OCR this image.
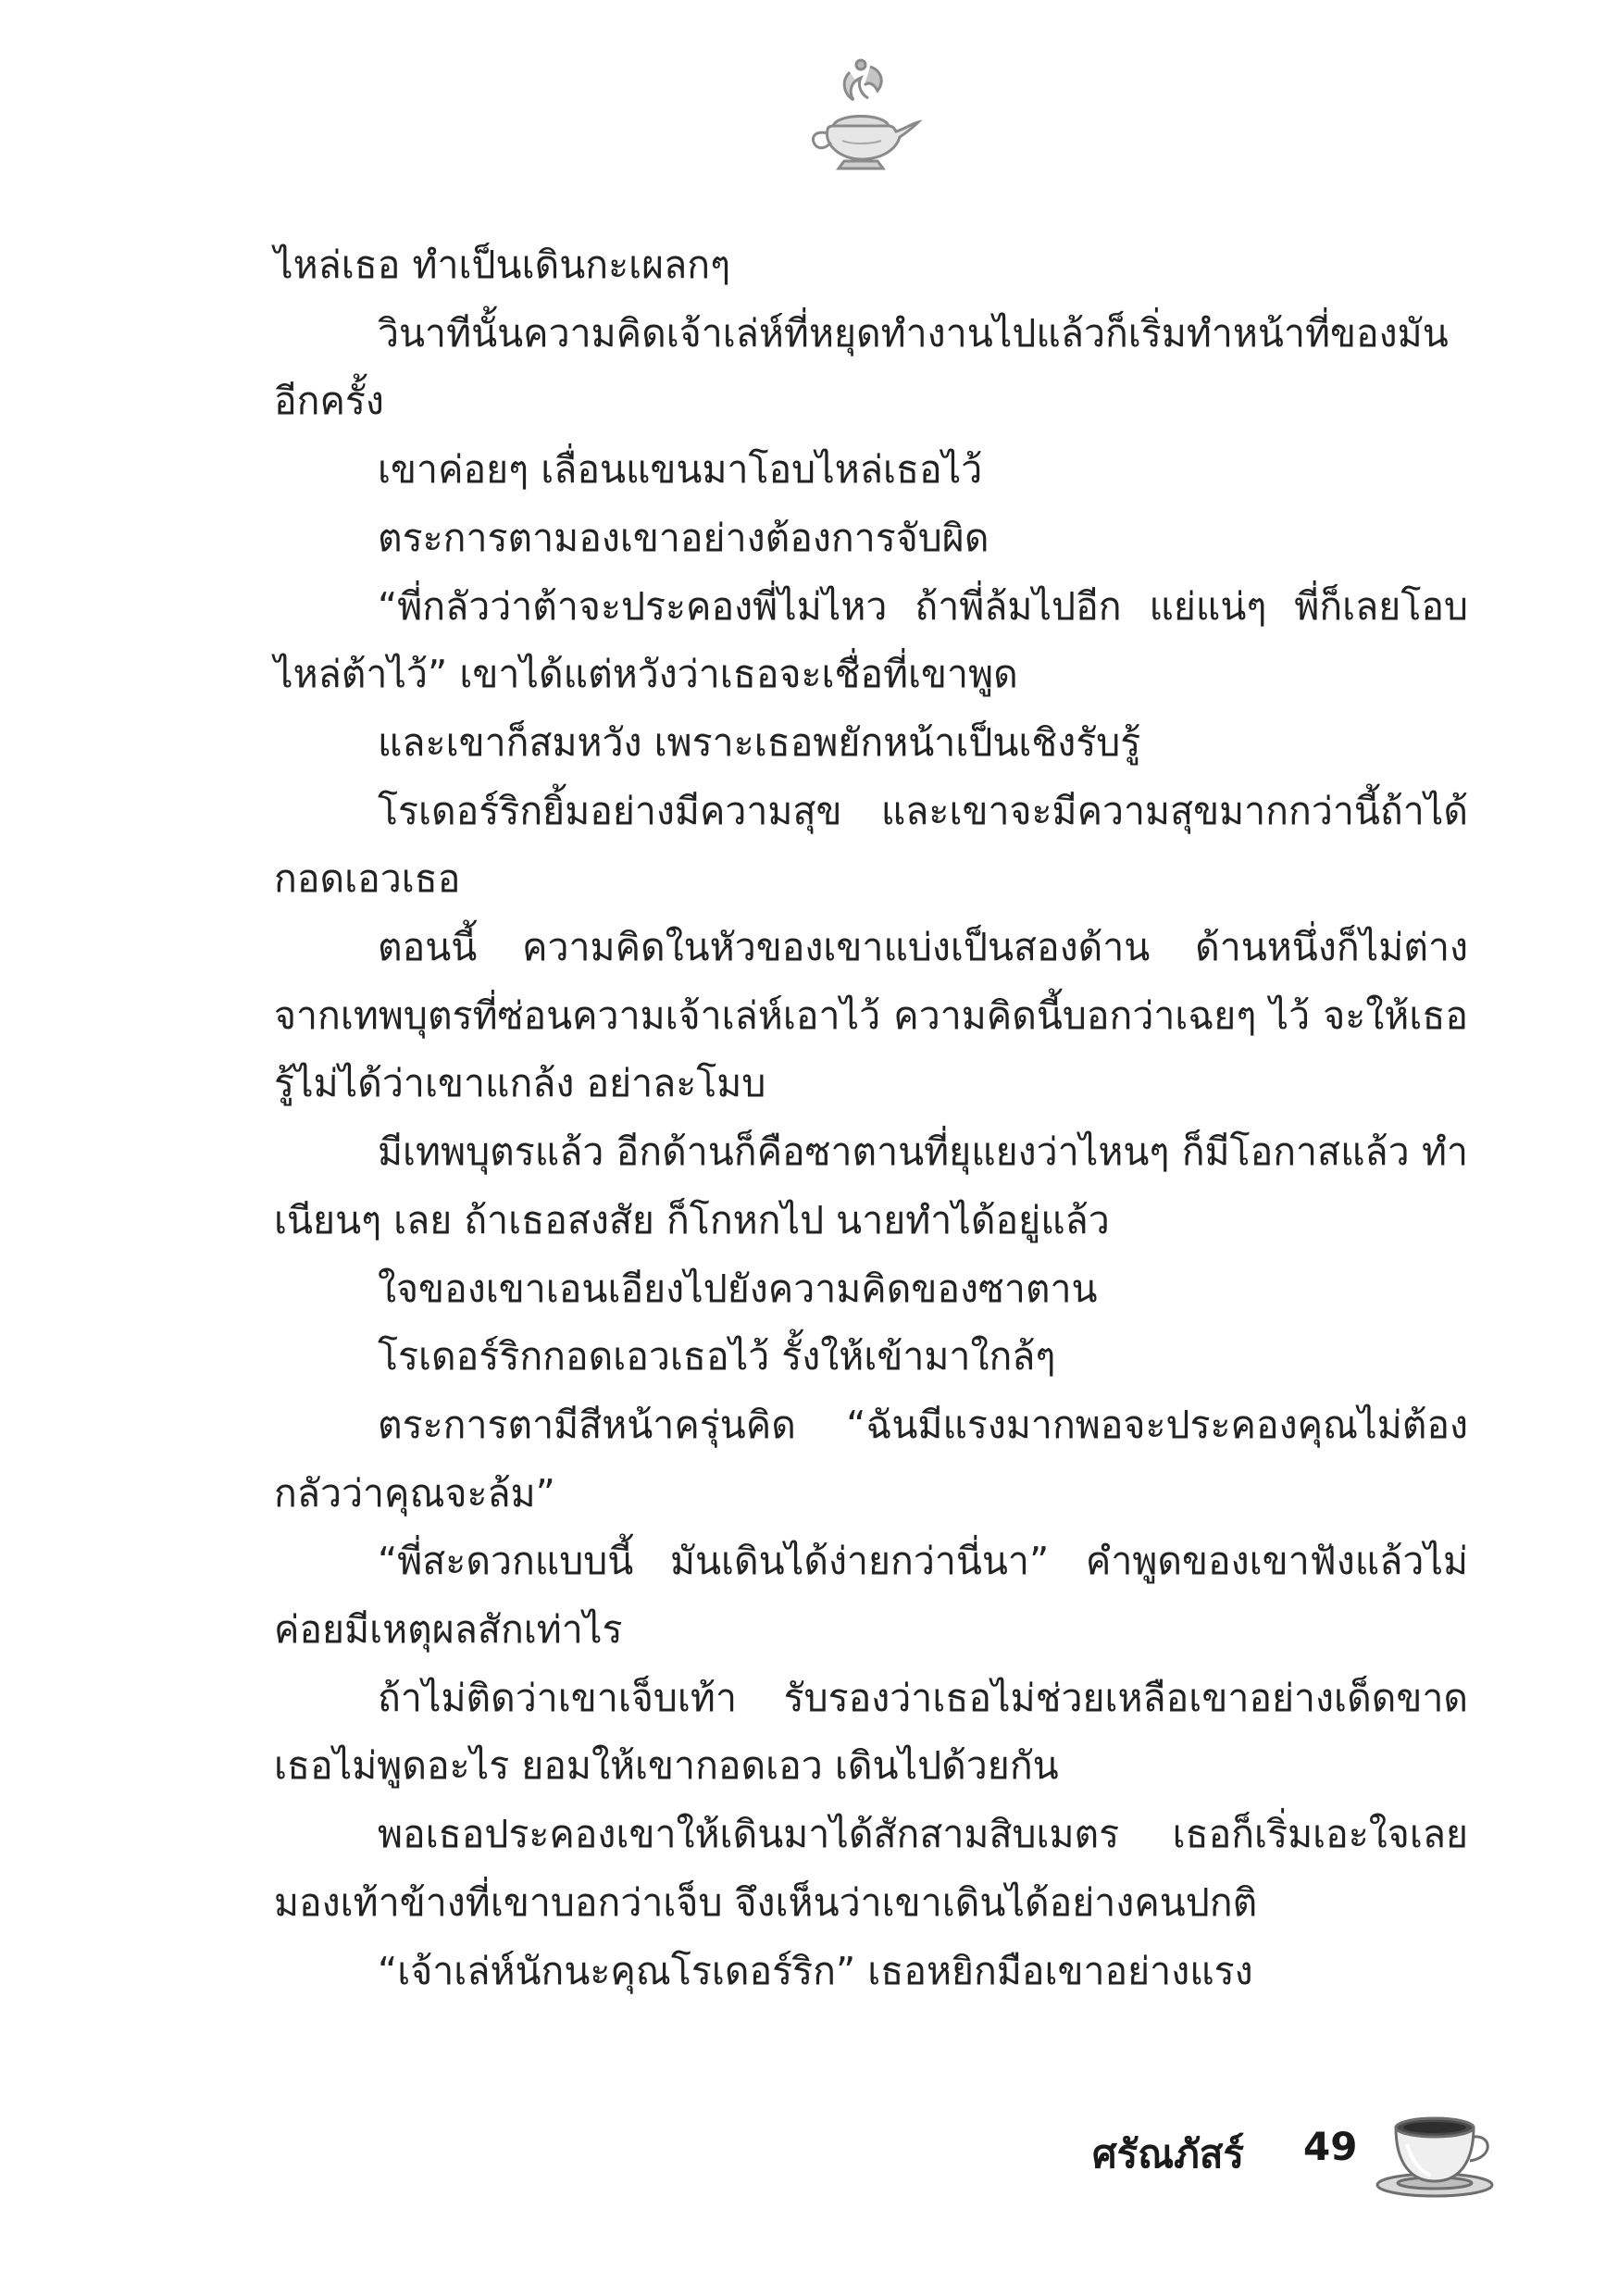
ไหล่เธอ ทำเป็นเดินกะเผลกๆ

วินาทีนั้นความคิดเจ้าเล่ห์ที่หยุดทำงานไปแล้วก็เริ่มทำหน้าที่ของมันอีกครั้ง

เขาค่อยๆ เลื่อนแขนมาโอบไหล่เธอไว้

ตระการตามองเขาอย่างต้องการจับผิด

“พี่กลัวว่าต้าจะประคองพี่ไม่ไหว ถ้าพี่ล้มไปอีก แย่แน่ๆ พี่ก็เลยโอบไหล่ต้าไว้” เขาได้แต่หวังว่าเธอจะเชื่อที่เขาพูด

และเขาก็สมหวัง เพราะเธอพยักหน้าเป็นเชิงรับรู้

โรเดอร์ริกยิ้มอย่างมีความสุข และเขาจะมีความสุขมากกว่านี้ถ้าได้กอดเอวเธอ

ตอนนี้ ความคิดในหัวของเขาแบ่งเป็นสองด้าน ด้านหนึ่งก็ไม่ต่างจากเทพบุตรที่ซ่อนความเจ้าเล่ห์เอาไว้ ความคิดนี้บอกว่าเฉยๆ ไว้ จะให้เธอรู้ไม่ได้ว่าเขาแกล้ง อย่าละโมบ

มีเทพบุตรแล้ว อีกด้านก็คือซาตานที่ยุแยงว่าไหนๆ ก็มีโอกาสแล้ว ทำเนียนๆ เลย ถ้าเธอสงสัย ก็โกหกไป นายทำได้อยู่แล้ว

ใจของเขาเอนเอียงไปยังความคิดของซาตาน

โรเดอร์ริกกอดเอวเธอไว้ รั้งให้เข้ามาใกล้ๆ

ตระการตามีสีหน้าครุ่นคิด “ฉันมีแรงมากพอจะประคองคุณไม่ต้องกลัวว่าคุณจะล้ม”

“พี่สะดวกแบบนี้ มันเดินได้ง่ายกว่านี่นา” คำพูดของเขาฟังแล้วไม่ค่อยมีเหตุผลสักเท่าไร

ถ้าไม่ติดว่าเขาเจ็บเท้า รับรองว่าเธอไม่ช่วยเหลือเขาอย่างเด็ดขาด เธอไม่พูดอะไร ยอมให้เขากอดเอว เดินไปด้วยกัน

พอเธอประคองเขาให้เดินมาได้สักสามสิบเมตร เธอก็เริ่มเอะใจเลยมองเท้าข้างที่เขาบอกว่าเจ็บ จึงเห็นว่าเขาเดินได้อย่างคนปกติ

“เจ้าเล่ห์นักนะคุณโรเดอร์ริก” เธอหยิกมือเขาอย่างแรง

ศรัณภัสร์ 49
